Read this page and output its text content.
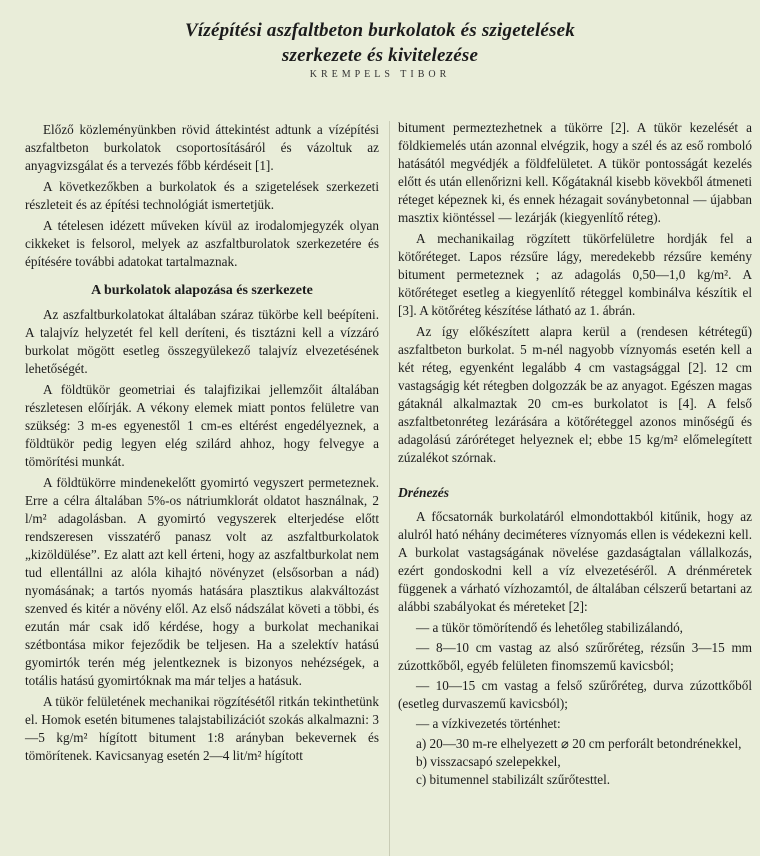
Vízépítési aszfaltbeton burkolatok és szigetelések
szerkezete és kivitelezése
KREMPELS TIBOR

Előző közleményünkben rövid áttekintést adtunk a vízépítési aszfaltbeton burkolatok csoportosításáról és vázoltuk az anyagvizsgálat és a tervezés főbb kérdéseit [1].

A következőkben a burkolatok és a szigetelések szerkezeti részleteit és az építési technológiát ismertetjük.

A tételesen idézett műveken kívül az irodalomjegyzék olyan cikkeket is felsorol, melyek az aszfaltburolatok szerkezetére és építésére további adatokat tartalmaznak.

A burkolatok alapozása és szerkezete

Az aszfaltburkolatokat általában száraz tükörbe kell beépíteni. A talajvíz helyzetét fel kell deríteni, és tisztázni kell a vízzáró burkolat mögött esetleg összegyülekező talajvíz elvezetésének lehetőségét.

A földtükör geometriai és talajfizikai jellemzőit általában részletesen előírják. A vékony elemek miatt pontos felületre van szükség: 3 m-es egyenestől 1 cm-es eltérést engedélyeznek, a földtükör pedig legyen elég szilárd ahhoz, hogy felvegye a tömörítési munkát.

A földtükörre mindenekelőtt gyomirtó vegyszert permeteznek. Erre a célra általában 5%-os nátriumklorát oldatot használnak, 2 l/m² adagolásban. A gyomirtó vegyszerek elterjedése előtt rendszeresen visszatérő panasz volt az aszfaltburkolatok „kizöldülése”. Ez alatt azt kell érteni, hogy az aszfaltburkolat nem tud ellentállni az alóla kihajtó növényzet (elsősorban a nád) nyomásának; a tartós nyomás hatására plasztikus alakváltozást szenved és kitér a növény elől. Az első nádszálat követi a többi, és ezután már csak idő kérdése, hogy a burkolat mechanikai szétbontása mikor fejeződik be teljesen. Ha a szelektív hatású gyomirtók terén még jelentkeznek is bizonyos nehézségek, a totális hatású gyomirtóknak ma már teljes a hatásuk.

A tükör felületének mechanikai rögzítésétől ritkán tekinthetünk el. Homok esetén bitumenes talajstabilizációt szokás alkalmazni: 3—5 kg/m² hígított bitument 1:8 arányban bekevernek és tömörítenek. Kavicsanyag esetén 2—4 lit/m² hígított

bitument permeztezhetnek a tükörre [2]. A tükör kezelését a földkiemelés után azonnal elvégzik, hogy a szél és az eső romboló hatásától megvédjék a földfelületet. A tükör pontosságát kezelés előtt és után ellenőrizni kell. Kőgátaknál kisebb kövekből átmeneti réteget képeznek ki, és ennek hézagait soványbetonnal — újabban masztix kiöntéssel — lezárják (kiegyenlítő réteg).

A mechanikailag rögzített tükörfelületre hordják fel a kötőréteget. Lapos rézsűre lágy, meredekebb rézsűre kemény bitument permeteznek ; az adagolás 0,50—1,0 kg/m². A kötőréteget esetleg a kiegyenlítő réteggel kombinálva készítik el [3]. A kötőréteg készítése látható az 1. ábrán.

Az így előkészített alapra kerül a (rendesen kétrétegű) aszfaltbeton burkolat. 5 m-nél nagyobb víznyomás esetén kell a két réteg, egyenként legalább 4 cm vastagsággal [2]. 12 cm vastagságig két rétegben dolgozzák be az anyagot. Egészen magas gátaknál alkalmaztak 20 cm-es burkolatot is [4]. A felső aszfaltbetonréteg lezárására a kötőréteggel azonos minőségű és adagolású záróréteget helyeznek el; ebbe 15 kg/m² előmelegített zúzalékot szórnak.

Drénezés

A főcsatornák burkolatáról elmondottakból kitűnik, hogy az alulról ható néhány deciméteres víznyomás ellen is védekezni kell. A burkolat vastagságának növelése gazdaságtalan vállalkozás, ezért gondoskodni kell a víz elvezetéséről. A drénméretek függenek a várható vízhozamtól, de általában célszerű betartani az alábbi szabályokat és méreteket [2]:

— a tükör tömörítendő és lehetőleg stabilizálandó,

— 8—10 cm vastag az alsó szűrőréteg, rézsűn 3—15 mm zúzottkőből, egyéb felületen finomszemű kavicsból;

— 10—15 cm vastag a felső szűrőréteg, durva zúzottkőből (esetleg durvaszemű kavicsból);

— a vízkivezetés történhet:

a) 20—30 m-re elhelyezett ⌀ 20 cm perforált betondrénekkel,

b) visszacsapó szelepekkel,

c) bitumennel stabilizált szűrőtesttel.
